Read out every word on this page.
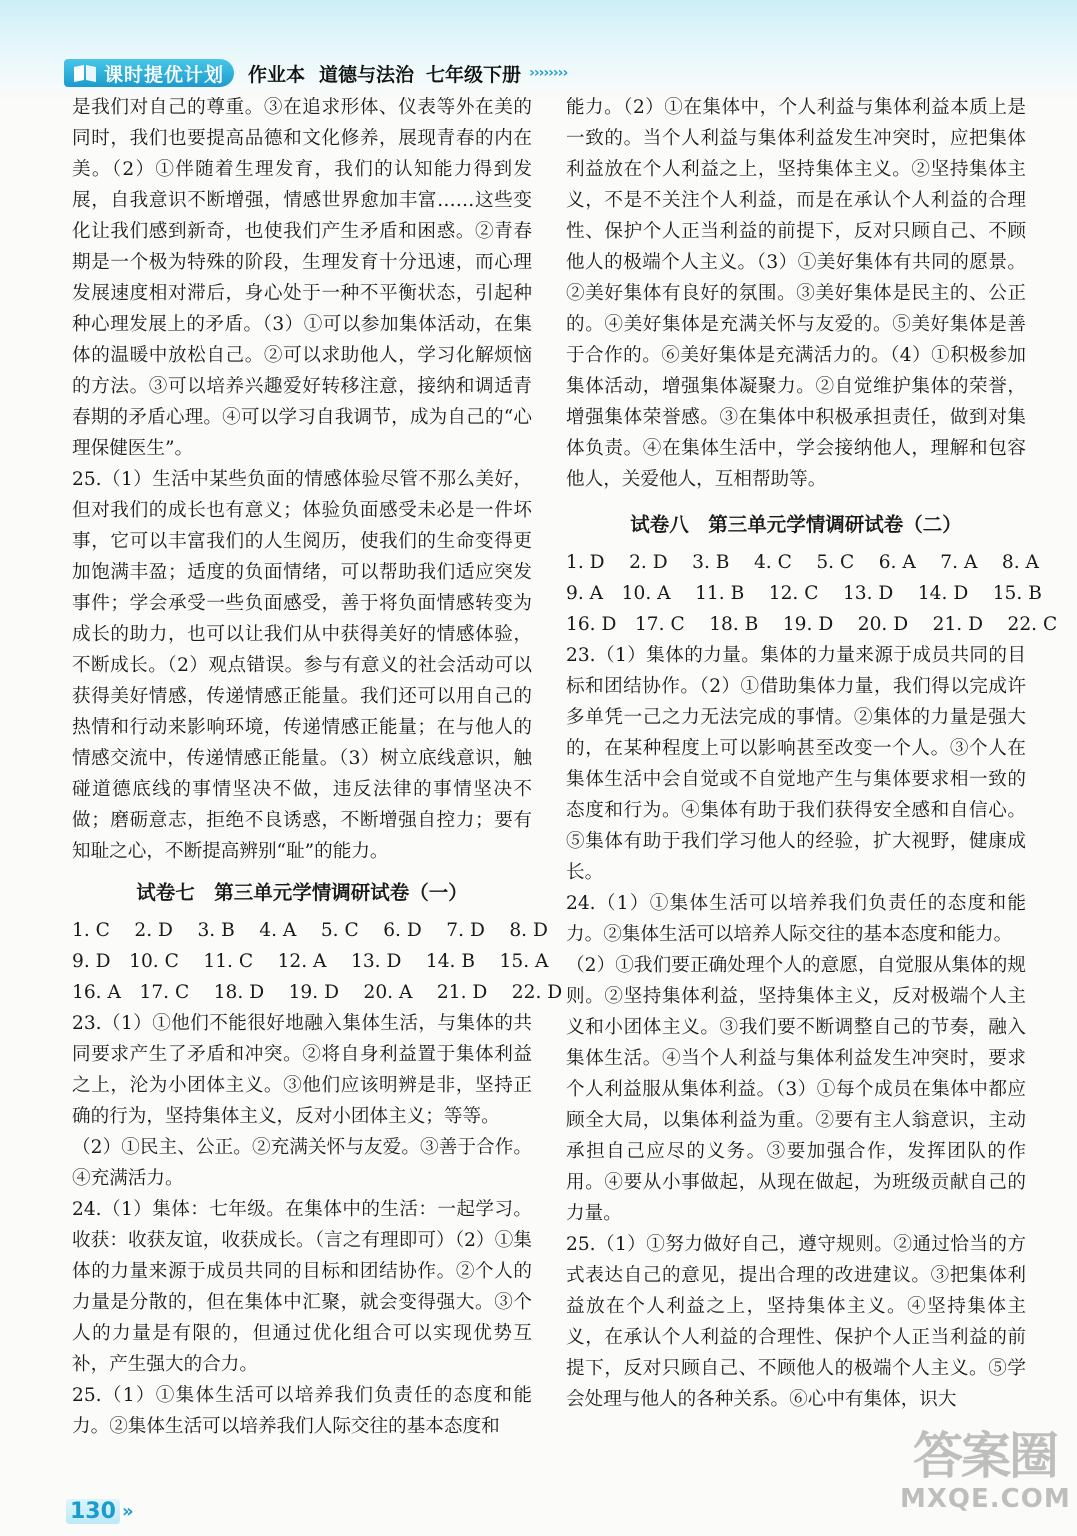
课时提优计划 作业本 道德与法治 七年级下册 ››››››››

是我们对自己的尊重。③在追求形体、仪表等外在美的同时，我们也要提高品德和文化修养，展现青春的内在美。（2）①伴随着生理发育，我们的认知能力得到发展，自我意识不断增强，情感世界愈加丰富……这些变化让我们感到新奇，也使我们产生矛盾和困惑。②青春期是一个极为特殊的阶段，生理发育十分迅速，而心理发展速度相对滞后，身心处于一种不平衡状态，引起种种心理发展上的矛盾。（3）①可以参加集体活动，在集体的温暖中放松自己。②可以求助他人，学习化解烦恼的方法。③可以培养兴趣爱好转移注意，接纳和调适青春期的矛盾心理。④可以学习自我调节，成为自己的“心理保健医生”。

25.（1）生活中某些负面的情感体验尽管不那么美好，但对我们的成长也有意义；体验负面感受未必是一件坏事，它可以丰富我们的人生阅历，使我们的生命变得更加饱满丰盈；适度的负面情绪，可以帮助我们适应突发事件；学会承受一些负面感受，善于将负面情感转变为成长的助力，也可以让我们从中获得美好的情感体验，不断成长。（2）观点错误。参与有意义的社会活动可以获得美好情感，传递情感正能量。我们还可以用自己的热情和行动来影响环境，传递情感正能量；在与他人的情感交流中，传递情感正能量。（3）树立底线意识，触碰道德底线的事情坚决不做，违反法律的事情坚决不做；磨砺意志，拒绝不良诱惑，不断增强自控力；要有知耻之心，不断提高辨别“耻”的能力。

试卷七　第三单元学情调研试卷（一）

1. C　 2. D　 3. B　 4. A　 5. C　 6. D　 7. D　 8. D

9. D　10. C　 11. C　 12. A　 13. D　 14. B　 15. A

16. A　17. C　 18. D　 19. D　 20. A　 21. D　 22. D

23.（1）①他们不能很好地融入集体生活，与集体的共同要求产生了矛盾和冲突。②将自身利益置于集体利益之上，沦为小团体主义。③他们应该明辨是非，坚持正确的行为，坚持集体主义，反对小团体主义；等等。

（2）①民主、公正。②充满关怀与友爱。③善于合作。④充满活力。

24.（1）集体：七年级。在集体中的生活：一起学习。收获：收获友谊，收获成长。（言之有理即可）（2）①集体的力量来源于成员共同的目标和团结协作。②个人的力量是分散的，但在集体中汇聚，就会变得强大。③个人的力量是有限的，但通过优化组合可以实现优势互补，产生强大的合力。

25.（1）①集体生活可以培养我们负责任的态度和能力。②集体生活可以培养我们人际交往的基本态度和

能力。（2）①在集体中，个人利益与集体利益本质上是一致的。当个人利益与集体利益发生冲突时，应把集体利益放在个人利益之上，坚持集体主义。②坚持集体主义，不是不关注个人利益，而是在承认个人利益的合理性、保护个人正当利益的前提下，反对只顾自己、不顾他人的极端个人主义。（3）①美好集体有共同的愿景。②美好集体有良好的氛围。③美好集体是民主的、公正的。④美好集体是充满关怀与友爱的。⑤美好集体是善于合作的。⑥美好集体是充满活力的。（4）①积极参加集体活动，增强集体凝聚力。②自觉维护集体的荣誉，增强集体荣誉感。③在集体中积极承担责任，做到对集体负责。④在集体生活中，学会接纳他人，理解和包容他人，关爱他人，互相帮助等。

试卷八　第三单元学情调研试卷（二）

1. D　 2. D　 3. B　 4. C　 5. C　 6. A　 7. A　 8. A

9. A　10. A　 11. B　 12. C　 13. D　 14. D　 15. B

16. D　17. C　 18. B　 19. D　 20. D　 21. D　 22. C

23.（1）集体的力量。集体的力量来源于成员共同的目标和团结协作。（2）①借助集体力量，我们得以完成许多单凭一己之力无法完成的事情。②集体的力量是强大的，在某种程度上可以影响甚至改变一个人。③个人在集体生活中会自觉或不自觉地产生与集体要求相一致的态度和行为。④集体有助于我们获得安全感和自信心。⑤集体有助于我们学习他人的经验，扩大视野，健康成长。

24.（1）①集体生活可以培养我们负责任的态度和能力。②集体生活可以培养人际交往的基本态度和能力。

（2）①我们要正确处理个人的意愿，自觉服从集体的规则。②坚持集体利益，坚持集体主义，反对极端个人主义和小团体主义。③我们要不断调整自己的节奏，融入集体生活。④当个人利益与集体利益发生冲突时，要求个人利益服从集体利益。（3）①每个成员在集体中都应顾全大局，以集体利益为重。②要有主人翁意识，主动承担自己应尽的义务。③要加强合作，发挥团队的作用。④要从小事做起，从现在做起，为班级贡献自己的力量。

25.（1）①努力做好自己，遵守规则。②通过恰当的方式表达自己的意见，提出合理的改进建议。③把集体利益放在个人利益之上，坚持集体主义。④坚持集体主义，在承认个人利益的合理性、保护个人正当利益的前提下，反对只顾自己、不顾他人的极端个人主义。⑤学会处理与他人的各种关系。⑥心中有集体，识大

130 »
答案圈
MXQE.COM
